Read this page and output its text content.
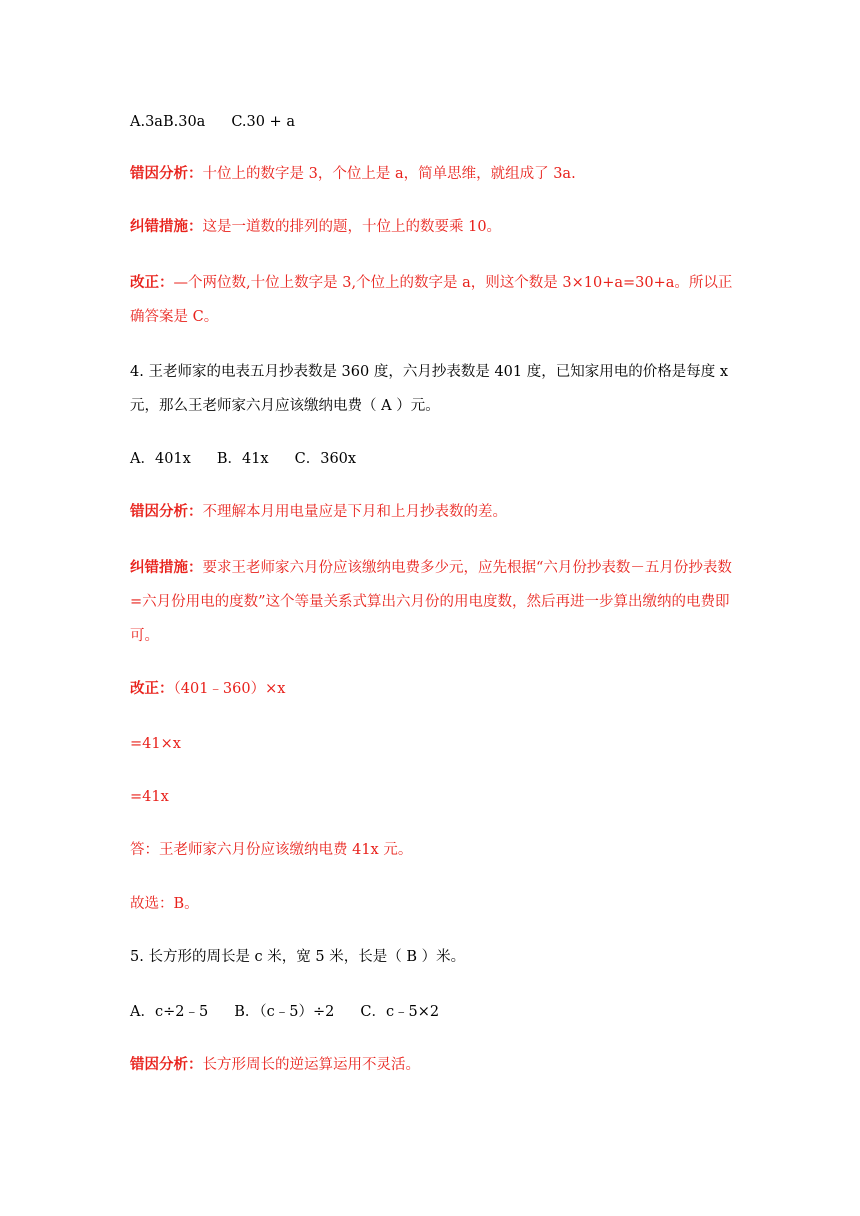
A.3aB.30a C.30 + a
错因分析：十位上的数字是 3，个位上是 a，简单思维，就组成了 3a.
纠错措施：这是一道数的排列的题，十位上的数要乘 10。
改正：—个两位数,十位上数字是 3,个位上的数字是 a，则这个数是 3×10+a=30+a。所以正确答案是 C。
4. 王老师家的电表五月抄表数是 360 度，六月抄表数是 401 度，已知家用电的价格是每度 x 元，那么王老师家六月应该缴纳电费（ A ）元。
A．401x B．41x C．360x
错因分析：不理解本月用电量应是下月和上月抄表数的差。
纠错措施：要求王老师家六月份应该缴纳电费多少元，应先根据“六月份抄表数－五月份抄表数=六月份用电的度数”这个等量关系式算出六月份的用电度数，然后再进一步算出缴纳的电费即可。
改正：（401﹣360）×x
=41×x
=41x
答：王老师家六月份应该缴纳电费 41x 元。
故选：B。
5. 长方形的周长是 c 米，宽 5 米，长是（ B ）米。
A．c÷2﹣5 B．（c﹣5）÷2 C．c﹣5×2
错因分析：长方形周长的逆运算运用不灵活。
